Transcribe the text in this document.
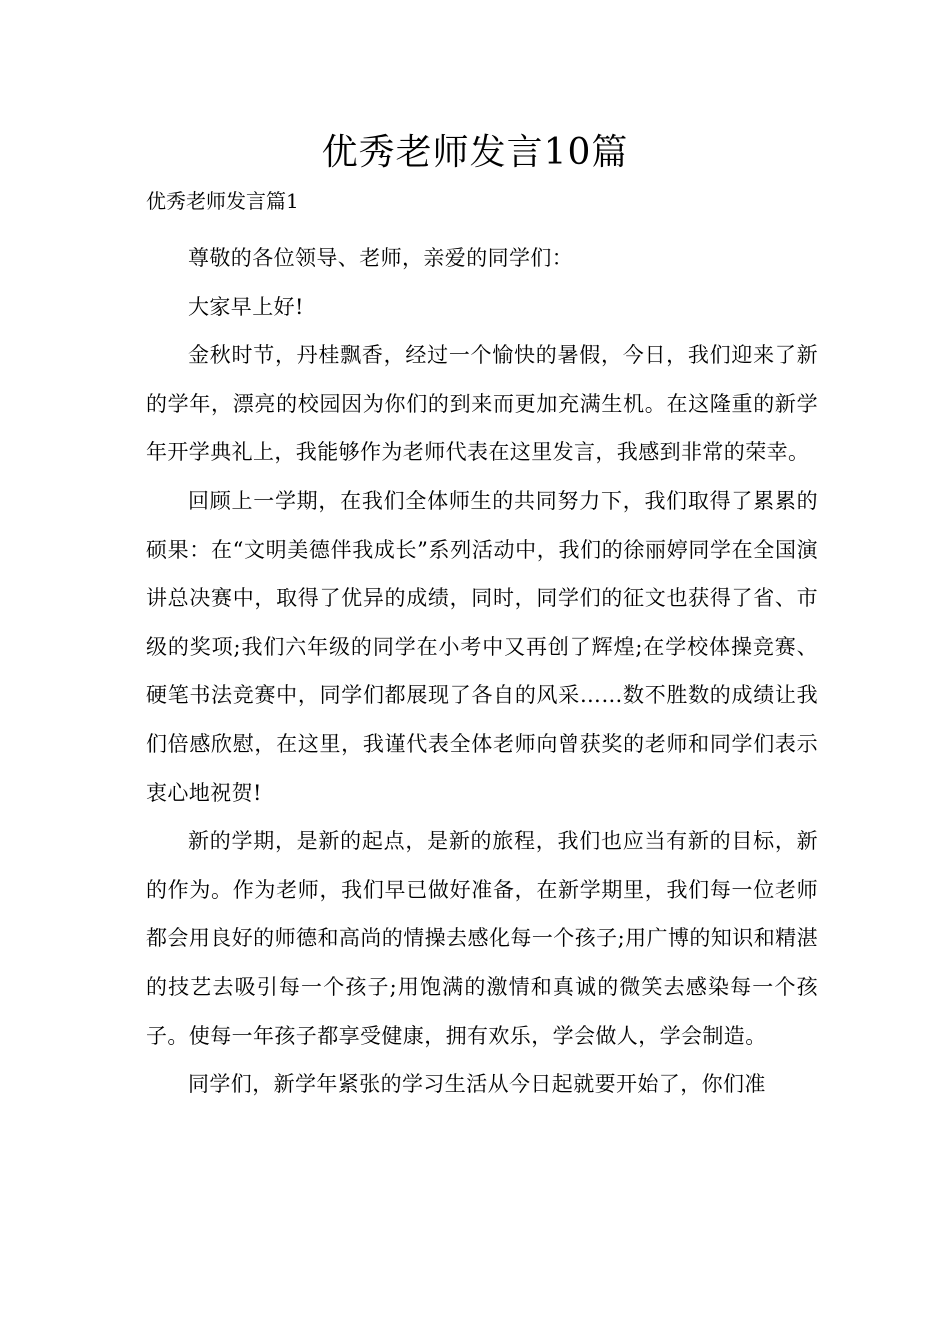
优秀老师发言10篇

优秀老师发言篇1

尊敬的各位领导、老师，亲爱的同学们：

大家早上好!

金秋时节，丹桂飘香，经过一个愉快的暑假，今日，我们迎来了新的学年，漂亮的校园因为你们的到来而更加充满生机。在这隆重的新学年开学典礼上，我能够作为老师代表在这里发言，我感到非常的荣幸。

回顾上一学期，在我们全体师生的共同努力下，我们取得了累累的硕果：在“文明美德伴我成长”系列活动中，我们的徐丽婷同学在全国演讲总决赛中，取得了优异的成绩，同时，同学们的征文也获得了省、市级的奖项;我们六年级的同学在小考中又再创了辉煌;在学校体操竞赛、硬笔书法竞赛中，同学们都展现了各自的风采……数不胜数的成绩让我们倍感欣慰，在这里，我谨代表全体老师向曾获奖的老师和同学们表示衷心地祝贺!

新的学期，是新的起点，是新的旅程，我们也应当有新的目标，新的作为。作为老师，我们早已做好准备，在新学期里，我们每一位老师都会用良好的师德和高尚的情操去感化每一个孩子;用广博的知识和精湛的技艺去吸引每一个孩子;用饱满的激情和真诚的微笑去感染每一个孩子。使每一年孩子都享受健康，拥有欢乐，学会做人，学会制造。

同学们，新学年紧张的学习生活从今日起就要开始了，你们准
